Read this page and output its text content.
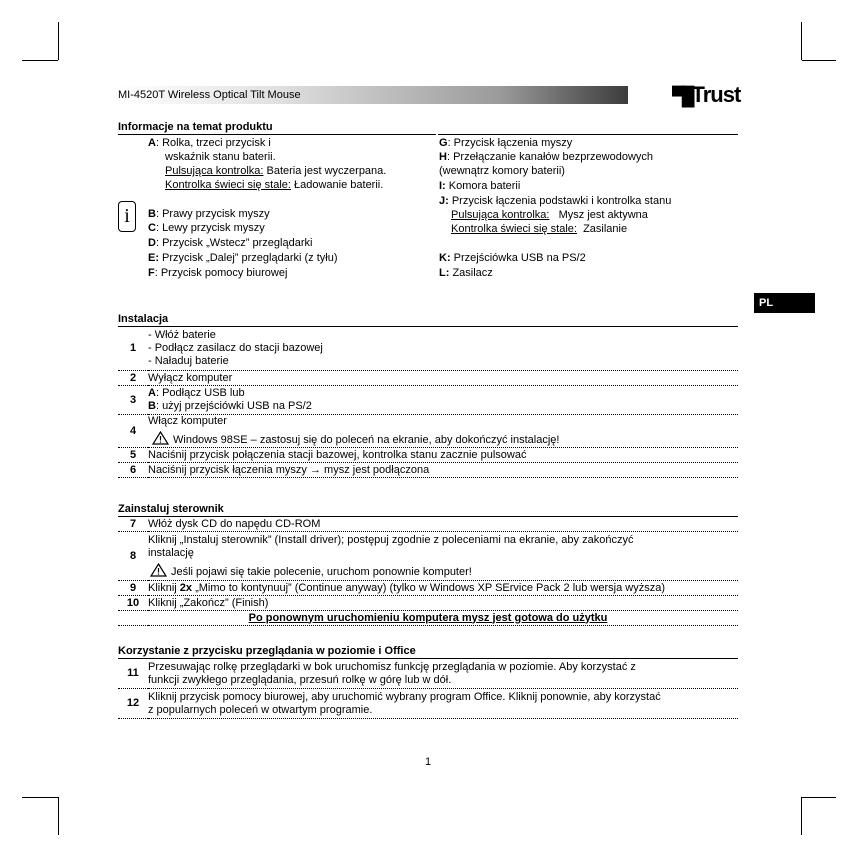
MI-4520T Wireless Optical Tilt Mouse	▀█Trust
PL
Informacje na temat produktu
i
A: Rolka, trzeci przycisk i
wskaźnik stanu baterii.
Pulsująca kontrolka: Bateria jest wyczerpana.
Kontrolka świeci się stale: Ładowanie baterii.
B: Prawy przycisk myszy
C: Lewy przycisk myszy
D: Przycisk „Wstecz” przeglądarki
E: Przycisk „Dalej” przeglądarki (z tyłu)
F: Przycisk pomocy biurowej
G: Przycisk łączenia myszy
H: Przełączanie kanałów bezprzewodowych
(wewnątrz komory baterii)
I: Komora baterii
J: Przycisk łączenia podstawki i kontrolka stanu
Pulsująca kontrolka:   Mysz jest aktywna
Kontrolka świeci się stale:  Zasilanie
K: Przejściówka USB na PS/2
L: Zasilacz
Instalacja
1	- Włóż baterie
- Podłącz zasilacz do stacji bazowej
- Naładuj baterie

2	Wyłącz komputer
3	A: Podłącz USB lub
B: użyj przejściówki USB na PS/2

4	Włącz komputer
Windows 98SE – zastosuj się do poleceń na ekranie, aby dokończyć instalację!

5	Naciśnij przycisk połączenia stacji bazowej, kontrolka stanu zacznie pulsować
6	Naciśnij przycisk łączenia myszy → mysz jest podłączona
Zainstaluj sterownik
7	Włóż dysk CD do napędu CD-ROM
8	Kliknij „Instaluj sterownik” (Install driver); postępuj zgodnie z poleceniami na ekranie, aby zakończyć
instalację
Jeśli pojawi się takie polecenie, uruchom ponownie komputer!

9	Kliknij 2x „Mimo to kontynuuj” (Continue anyway) (tylko w Windows XP SErvice Pack 2 lub wersja wyższa)
10	Kliknij „Zakończ” (Finish)
Po ponownym uruchomieniu komputera mysz jest gotowa do użytku	
Korzystanie z przycisku przeglądania w poziomie i Office
11	Przesuwając rolkę przeglądarki w bok uruchomisz funkcję przeglądania w poziomie. Aby korzystać z
funkcji zwykłego przeglądania, przesuń rolkę w górę lub w dół.

12	Kliknij przycisk pomocy biurowej, aby uruchomić wybrany program Office. Kliknij ponownie, aby korzystać
z popularnych poleceń w otwartym programie.
1
